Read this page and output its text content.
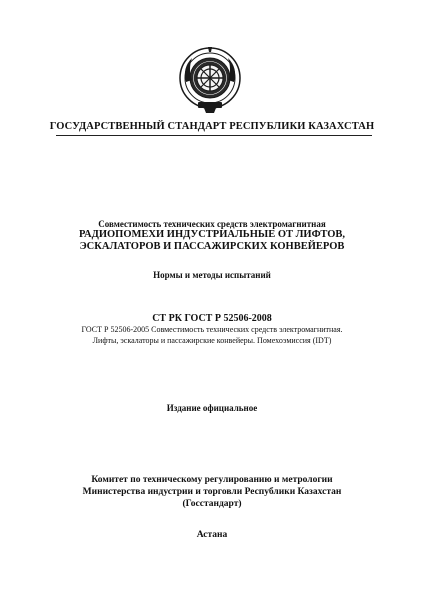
ГОСУДАРСТВЕННЫЙ СТАНДАРТ РЕСПУБЛИКИ КАЗАХСТАН
Совместимость технических средств электромагнитная
РАДИОПОМЕХИ ИНДУСТРИАЛЬНЫЕ ОТ ЛИФТОВ,
ЭСКАЛАТОРОВ И ПАССАЖИРСКИХ КОНВЕЙЕРОВ
Нормы и методы испытаний
СТ РК ГОСТ Р 52506-2008
ГОСТ Р 52506-2005 Совместимость технических средств электромагнитная.
Лифты, эскалаторы и пассажирские конвейеры. Помехоэмиссия (IDT)
Издание официальное
Комитет по техническому регулированию и метрологии
Министерства индустрии и торговли Республики Казахстан
(Госстандарт)
Астана
